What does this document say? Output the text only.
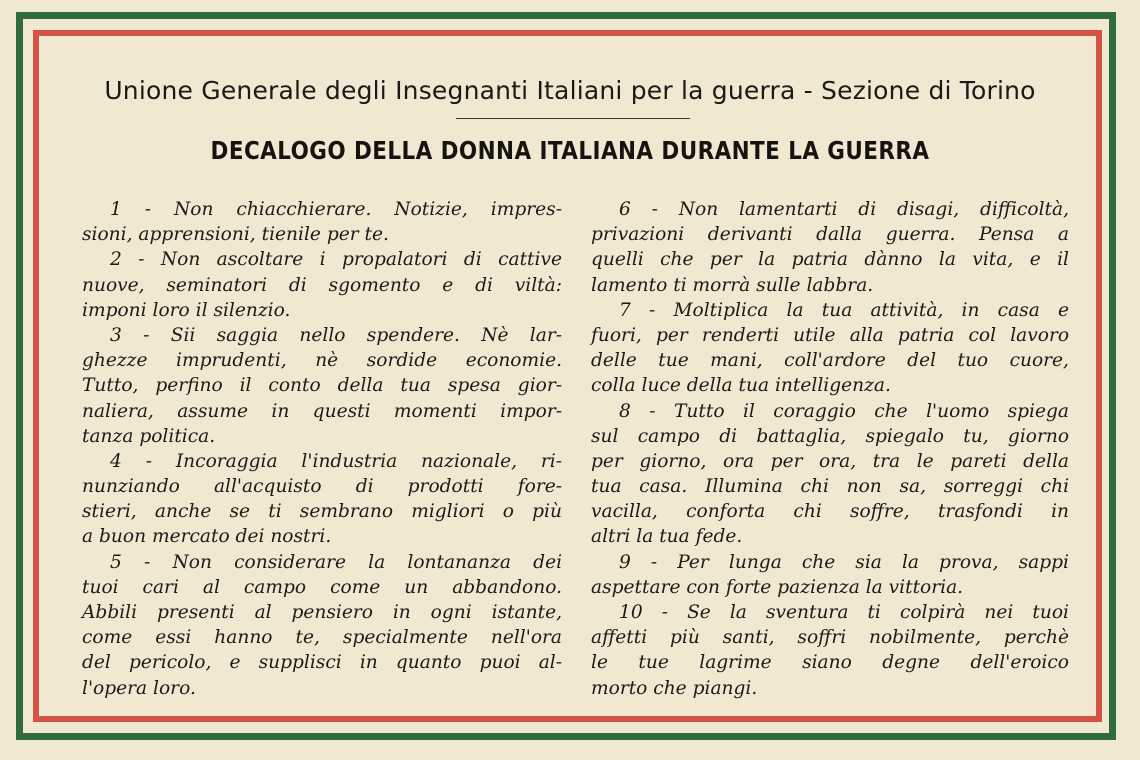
Unione Generale degli Insegnanti Italiani per la guerra - Sezione di Torino
DECALOGO DELLA DONNA ITALIANA DURANTE LA GUERRA
1 - Non chiacchierare. Notizie, impres-
sioni, apprensioni, tienile per te.
2 - Non ascoltare i propalatori di cattive
nuove, seminatori di sgomento e di viltà:
imponi loro il silenzio.
3 - Sii saggia nello spendere. Nè lar-
ghezze imprudenti, nè sordide economie.
Tutto, perfino il conto della tua spesa gior-
naliera, assume in questi momenti impor-
tanza politica.
4 - Incoraggia l'industria nazionale, ri-
nunziando all'acquisto di prodotti fore-
stieri, anche se ti sembrano migliori o più
a buon mercato dei nostri.
5 - Non considerare la lontananza dei
tuoi cari al campo come un abbandono.
Abbili presenti al pensiero in ogni istante,
come essi hanno te, specialmente nell'ora
del pericolo, e supplisci in quanto puoi al-
l'opera loro.
6 - Non lamentarti di disagi, difficoltà,
privazioni derivanti dalla guerra. Pensa a
quelli che per la patria dànno la vita, e il
lamento ti morrà sulle labbra.
7 - Moltiplica la tua attività, in casa e
fuori, per renderti utile alla patria col lavoro
delle tue mani, coll'ardore del tuo cuore,
colla luce della tua intelligenza.
8 - Tutto il coraggio che l'uomo spiega
sul campo di battaglia, spiegalo tu, giorno
per giorno, ora per ora, tra le pareti della
tua casa. Illumina chi non sa, sorreggi chi
vacilla, conforta chi soffre, trasfondi in
altri la tua fede.
9 - Per lunga che sia la prova, sappi
aspettare con forte pazienza la vittoria.
10 - Se la sventura ti colpirà nei tuoi
affetti più santi, soffri nobilmente, perchè
le tue lagrime siano degne dell'eroico
morto che piangi.
